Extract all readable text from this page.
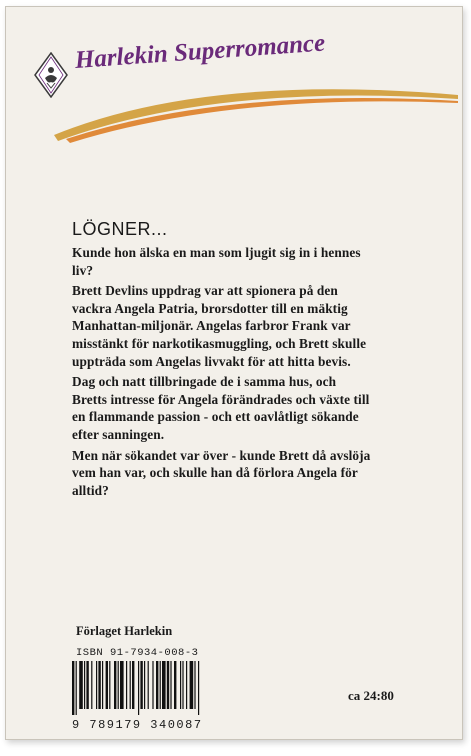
Harlekin Superromance
LÖGNER...

Kunde hon älska en man som ljugit sig in i hennes liv?

Brett Devlins uppdrag var att spionera på den vackra Angela Patria, brorsdotter till en mäktig Manhattan-miljonär. Angelas farbror Frank var misstänkt för narkotikasmuggling, och Brett skulle uppträda som Angelas livvakt för att hitta bevis.

Dag och natt tillbringade de i samma hus, och Bretts intresse för Angela förändrades och växte till en flammande passion - och ett oavlåtligt sökande efter sanningen.

Men när sökandet var över - kunde Brett då avslöja vem han var, och skulle han då förlora Angela för alltid?

Förlaget Harlekin
ISBN 91-7934-008-3
9 789179 340087
ca 24:80
